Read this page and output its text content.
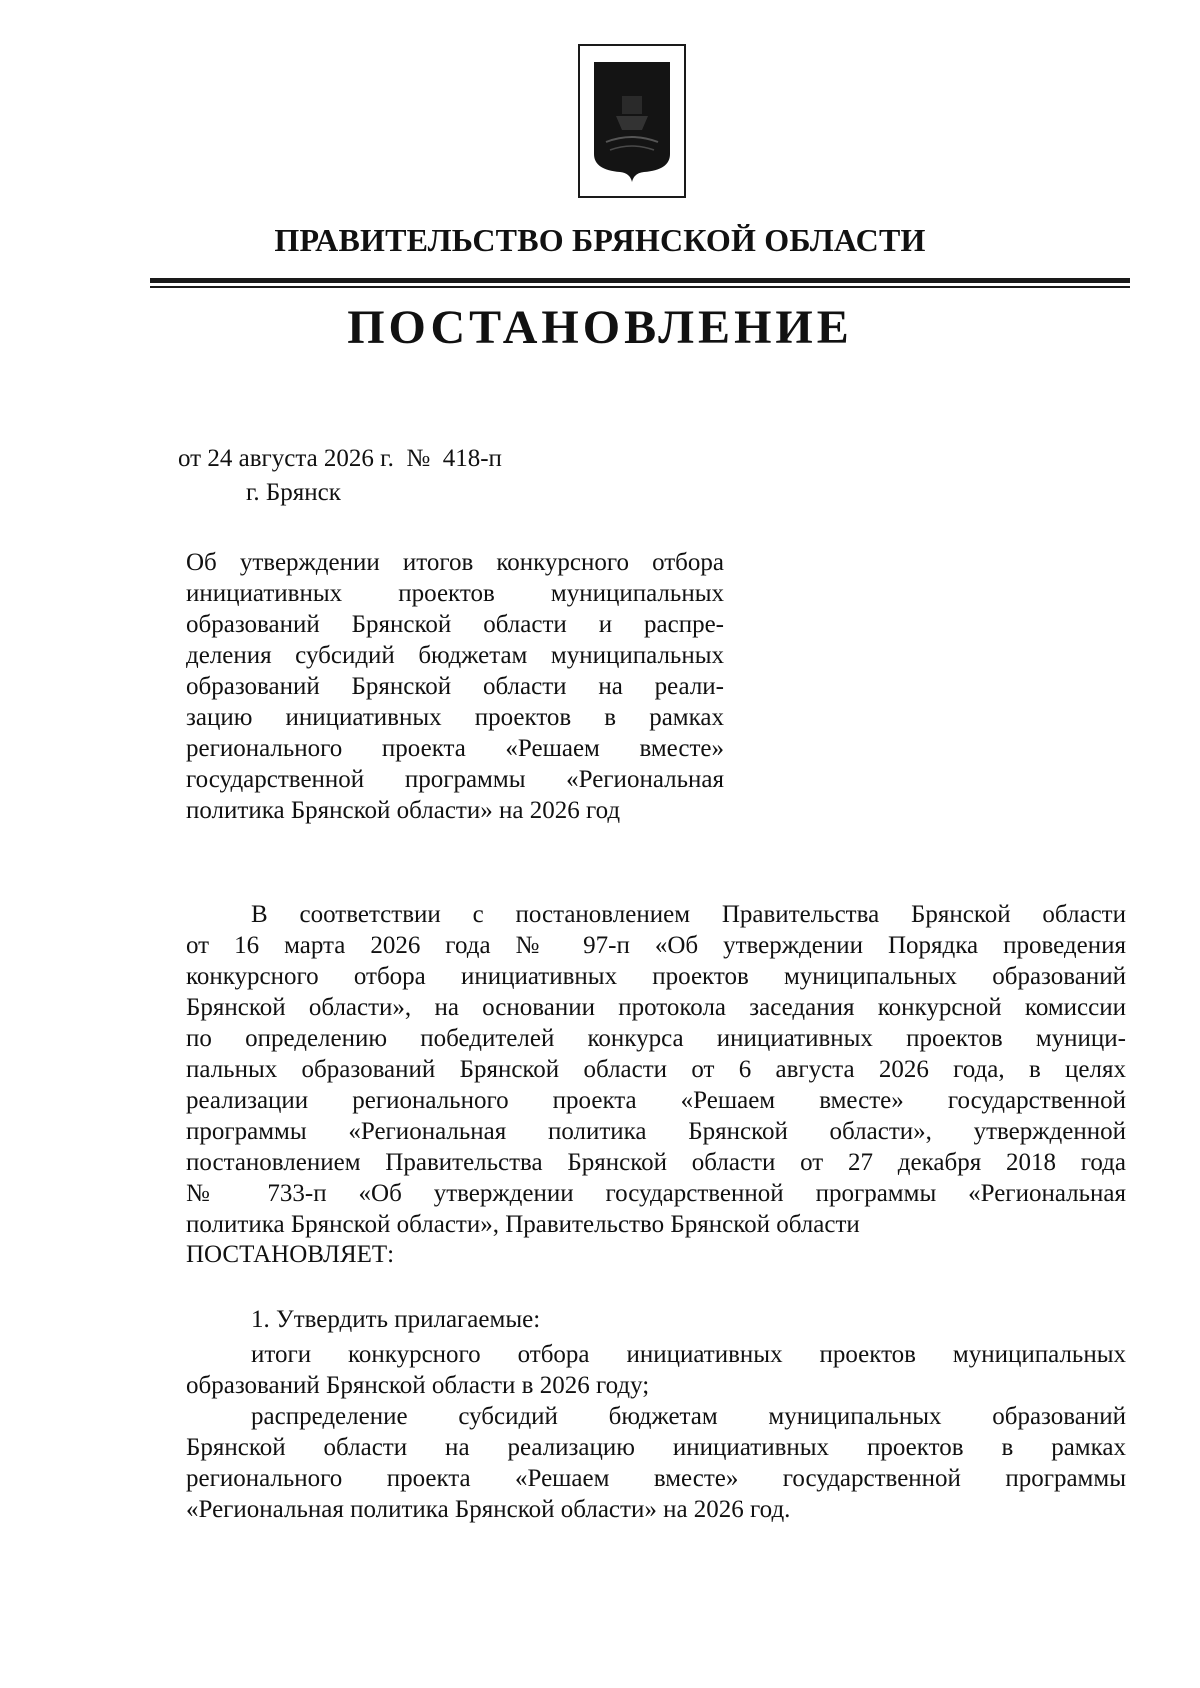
ПРАВИТЕЛЬСТВО БРЯНСКОЙ ОБЛАСТИ
ПОСТАНОВЛЕНИЕ
от 24 августа 2026 г.  №  418-п
г. Брянск
Об утверждении итогов конкурсного отбора
инициативных проектов муниципальных
образований Брянской области и распре-
деления субсидий бюджетам муниципальных
образований Брянской области на реали-
зацию инициативных проектов в рамках
регионального проекта «Решаем вместе»
государственной программы «Региональная
политика Брянской области» на 2026 год
В соответствии с постановлением Правительства Брянской области
от 16 марта 2026 года № 97-п «Об утверждении Порядка проведения
конкурсного отбора инициативных проектов муниципальных образований
Брянской области», на основании протокола заседания конкурсной комиссии
по определению победителей конкурса инициативных проектов муници-
пальных образований Брянской области от 6 августа 2026 года, в целях
реализации регионального проекта «Решаем вместе» государственной
программы «Региональная политика Брянской области», утвержденной
постановлением Правительства Брянской области от 27 декабря 2018 года
№ 733-п «Об утверждении государственной программы «Региональная
политика Брянской области», Правительство Брянской области
ПОСТАНОВЛЯЕТ:
1. Утвердить прилагаемые:
итоги конкурсного отбора инициативных проектов муниципальных
образований Брянской области в 2026 году;
распределение субсидий бюджетам муниципальных образований
Брянской области на реализацию инициативных проектов в рамках
регионального проекта «Решаем вместе» государственной программы
«Региональная политика Брянской области» на 2026 год.
